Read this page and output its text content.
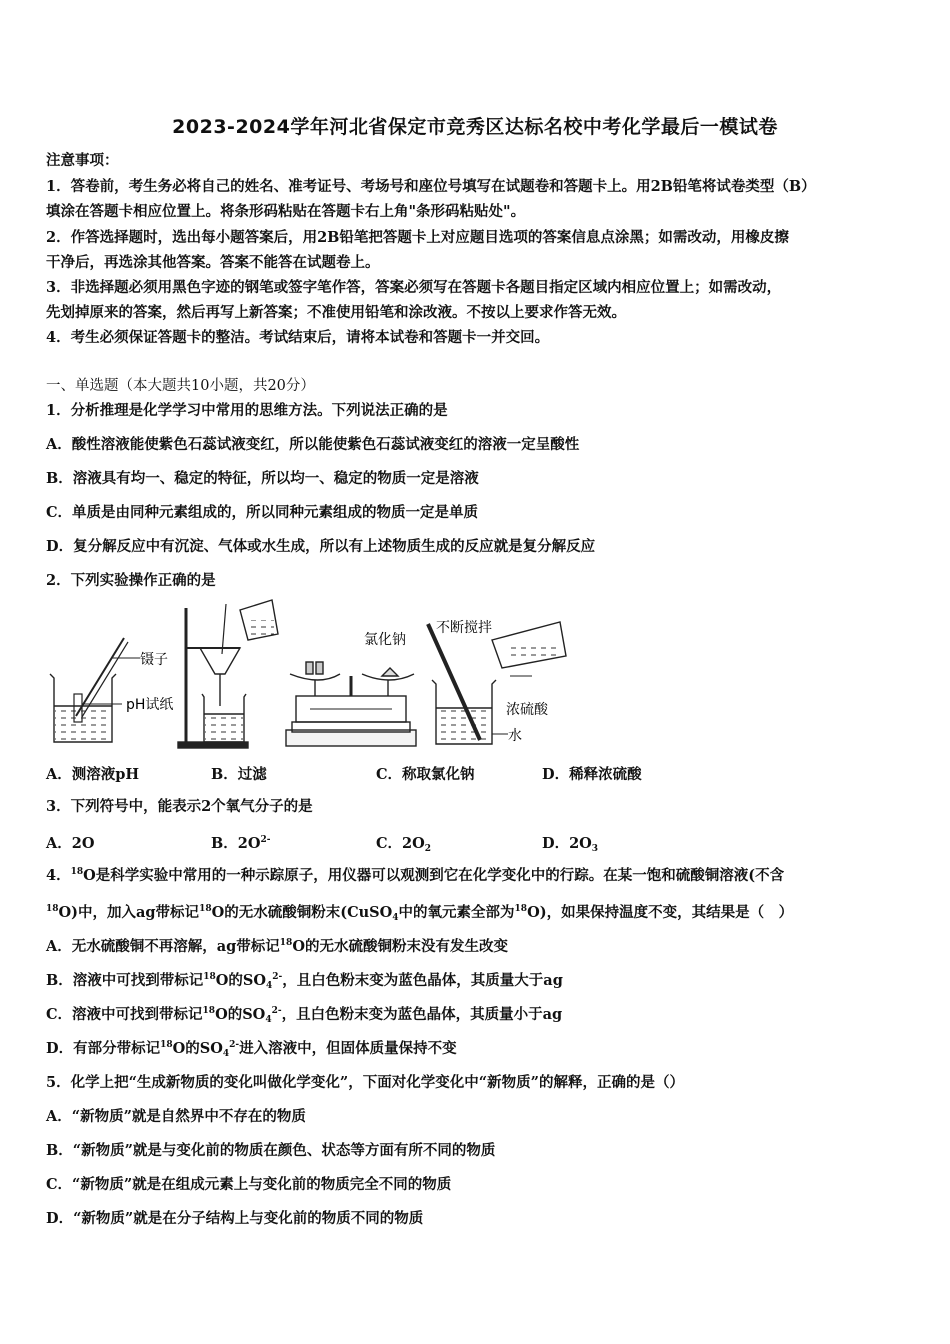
2023-2024学年河北省保定市竞秀区达标名校中考化学最后一模试卷
注意事项：
1．答卷前，考生务必将自己的姓名、准考证号、考场号和座位号填写在试题卷和答题卡上。用2B铅笔将试卷类型（B）
填涂在答题卡相应位置上。将条形码粘贴在答题卡右上角"条形码粘贴处"。
2．作答选择题时，选出每小题答案后，用2B铅笔把答题卡上对应题目选项的答案信息点涂黑；如需改动，用橡皮擦
干净后，再选涂其他答案。答案不能答在试题卷上。
3．非选择题必须用黑色字迹的钢笔或签字笔作答，答案必须写在答题卡各题目指定区域内相应位置上；如需改动，
先划掉原来的答案，然后再写上新答案；不准使用铅笔和涂改液。不按以上要求作答无效。
4．考生必须保证答题卡的整洁。考试结束后，请将本试卷和答题卡一并交回。
一、单选题（本大题共10小题，共20分）
1．分析推理是化学学习中常用的思维方法。下列说法正确的是
A．酸性溶液能使紫色石蕊试液变红，所以能使紫色石蕊试液变红的溶液一定呈酸性
B．溶液具有均一、稳定的特征，所以均一、稳定的物质一定是溶液
C．单质是由同种元素组成的，所以同种元素组成的物质一定是单质
D．复分解反应中有沉淀、气体或水生成，所以有上述物质生成的反应就是复分解反应
2．下列实验操作正确的是
镊子
pH试纸
氯化钠
不断搅拌
浓硫酸
水
A．测溶液pH	B．过滤	C．称取氯化钠	D．稀释浓硫酸
3．下列符号中，能表示2个氧气分子的是
A．2O	B．$2O^{2-}$	C．$2O_2$	D．$2O_3$
4．$^{18}$O是科学实验中常用的一种示踪原子，用仪器可以观测到它在化学变化中的行踪。在某一饱和硫酸铜溶液(不含
$^{18}$O)中，加入ag带标记$^{18}$O的无水硫酸铜粉末(CuSO$_4$中的氧元素全部为$^{18}$O)，如果保持温度不变，其结果是（　）
A．无水硫酸铜不再溶解，ag带标记$^{18}$O的无水硫酸铜粉末没有发生改变
B．溶液中可找到带标记$^{18}$O的$SO_4^{2-}$，且白色粉末变为蓝色晶体，其质量大于ag
C．溶液中可找到带标记$^{18}$O的$SO_4^{2-}$，且白色粉末变为蓝色晶体，其质量小于ag
D．有部分带标记$^{18}$O的$SO_4^{2-}$进入溶液中，但固体质量保持不变
5．化学上把“生成新物质的变化叫做化学变化”，下面对化学变化中“新物质”的解释，正确的是（）
A．“新物质”就是自然界中不存在的物质
B．“新物质”就是与变化前的物质在颜色、状态等方面有所不同的物质
C．“新物质”就是在组成元素上与变化前的物质完全不同的物质
D．“新物质”就是在分子结构上与变化前的物质不同的物质
